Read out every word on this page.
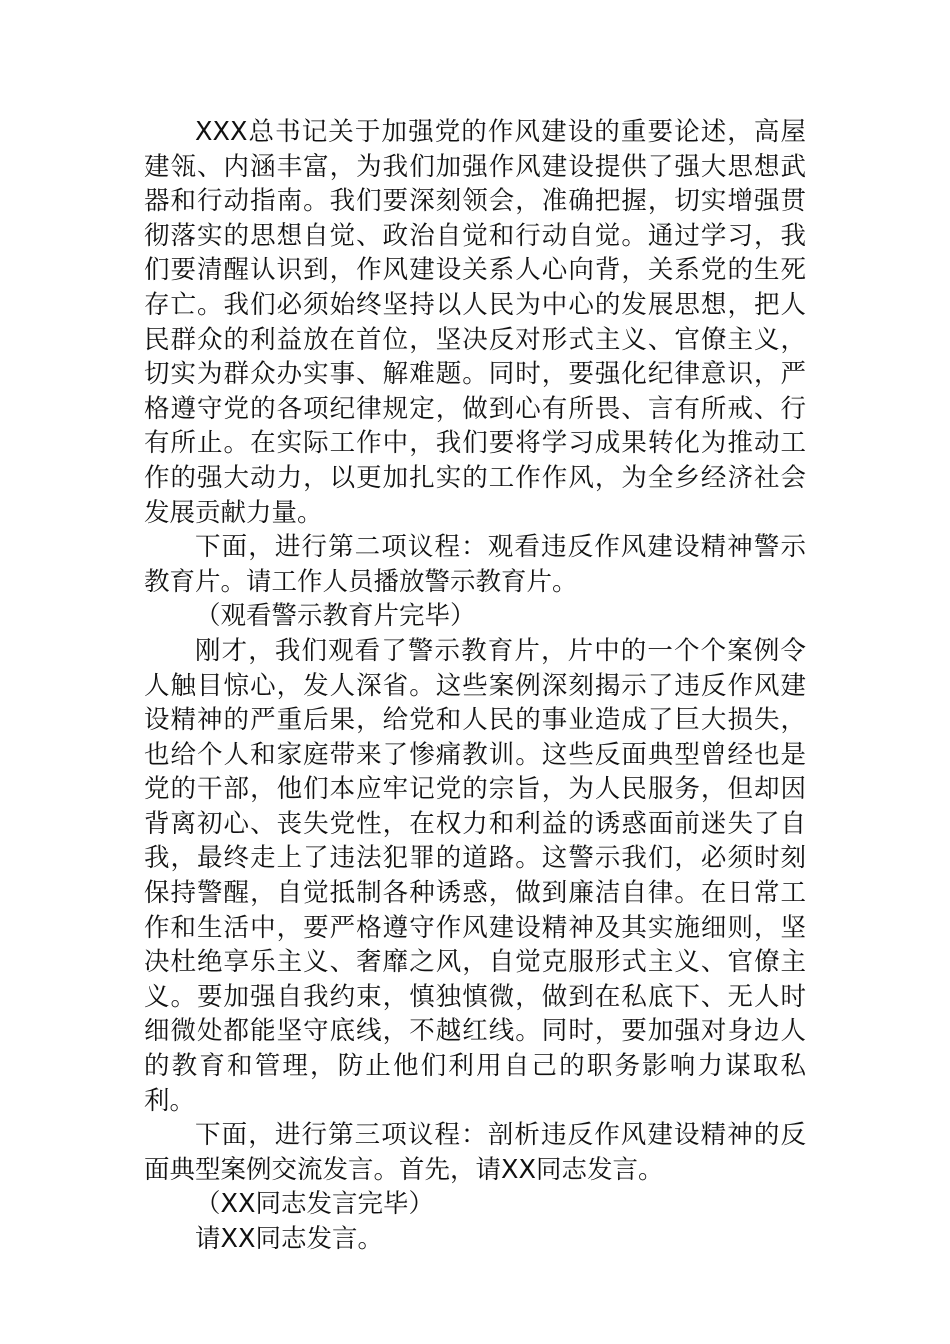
XXX总书记关于加强党的作风建设的重要论述，高屋建瓴、内涵丰富，为我们加强作风建设提供了强大思想武器和行动指南。我们要深刻领会，准确把握，切实增强贯彻落实的思想自觉、政治自觉和行动自觉。通过学习，我们要清醒认识到，作风建设关系人心向背，关系党的生死存亡。我们必须始终坚持以人民为中心的发展思想，把人民群众的利益放在首位，坚决反对形式主义、官僚主义，切实为群众办实事、解难题。同时，要强化纪律意识，严格遵守党的各项纪律规定，做到心有所畏、言有所戒、行有所止。在实际工作中，我们要将学习成果转化为推动工作的强大动力，以更加扎实的工作作风，为全乡经济社会发展贡献力量。

下面，进行第二项议程：观看违反作风建设精神警示教育片。请工作人员播放警示教育片。

（观看警示教育片完毕）

刚才，我们观看了警示教育片，片中的一个个案例令人触目惊心，发人深省。这些案例深刻揭示了违反作风建设精神的严重后果，给党和人民的事业造成了巨大损失，也给个人和家庭带来了惨痛教训。这些反面典型曾经也是党的干部，他们本应牢记党的宗旨，为人民服务，但却因背离初心、丧失党性，在权力和利益的诱惑面前迷失了自我，最终走上了违法犯罪的道路。这警示我们，必须时刻保持警醒，自觉抵制各种诱惑，做到廉洁自律。在日常工作和生活中，要严格遵守作风建设精神及其实施细则，坚决杜绝享乐主义、奢靡之风，自觉克服形式主义、官僚主义。要加强自我约束，慎独慎微，做到在私底下、无人时细微处都能坚守底线，不越红线。同时，要加强对身边人的教育和管理，防止他们利用自己的职务影响力谋取私利。

下面，进行第三项议程：剖析违反作风建设精神的反面典型案例交流发言。首先，请XX同志发言。

（XX同志发言完毕）

请XX同志发言。
